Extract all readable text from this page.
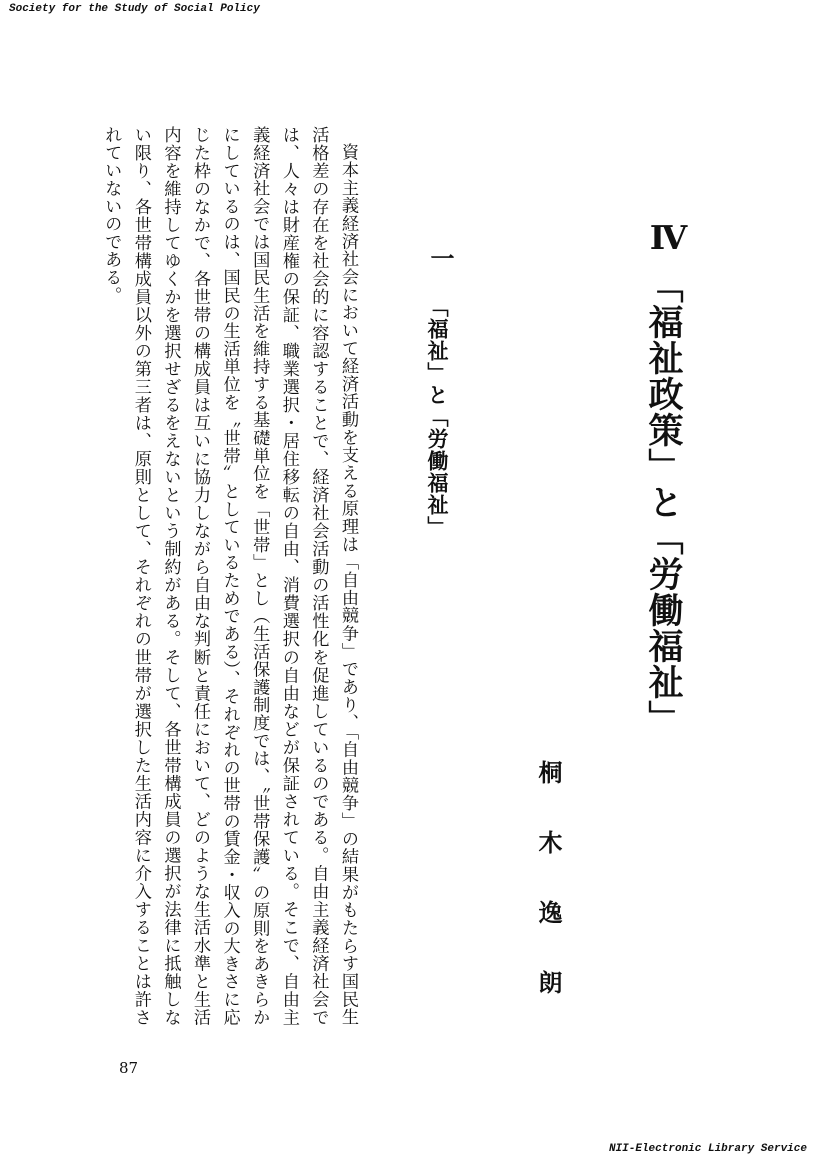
Society for the Study of Social Policy
Ⅳ
「福祉政策」と「労働福祉」
桐木逸朗
一
「福祉」と「労働福祉」

資本主義経済社会において経済活動を支える原理は「自由競争」であり、「自由競争」の結果がもたらす国民生活格差の存在を社会的に容認することで、経済社会活動の活性化を促進しているのである。自由主義経済社会では、人々は財産権の保証、職業選択・居住移転の自由、消費選択の自由などが保証されている。そこで、自由主義経済社会では国民生活を維持する基礎単位を「世帯」とし（生活保護制度では、〝世帯保護〟の原則をあきらかにしているのは、国民の生活単位を〝世帯〟としているためである）、それぞれの世帯の賃金・収入の大きさに応じた枠のなかで、各世帯の構成員は互いに協力しながら自由な判断と責任において、どのような生活水準と生活内容を維持してゆくかを選択せざるをえないという制約がある。そして、各世帯構成員の選択が法律に抵触しない限り、各世帯構成員以外の第三者は、原則として、それぞれの世帯が選択した生活内容に介入することは許されていないのである。

87
NII-Electronic Library Service
